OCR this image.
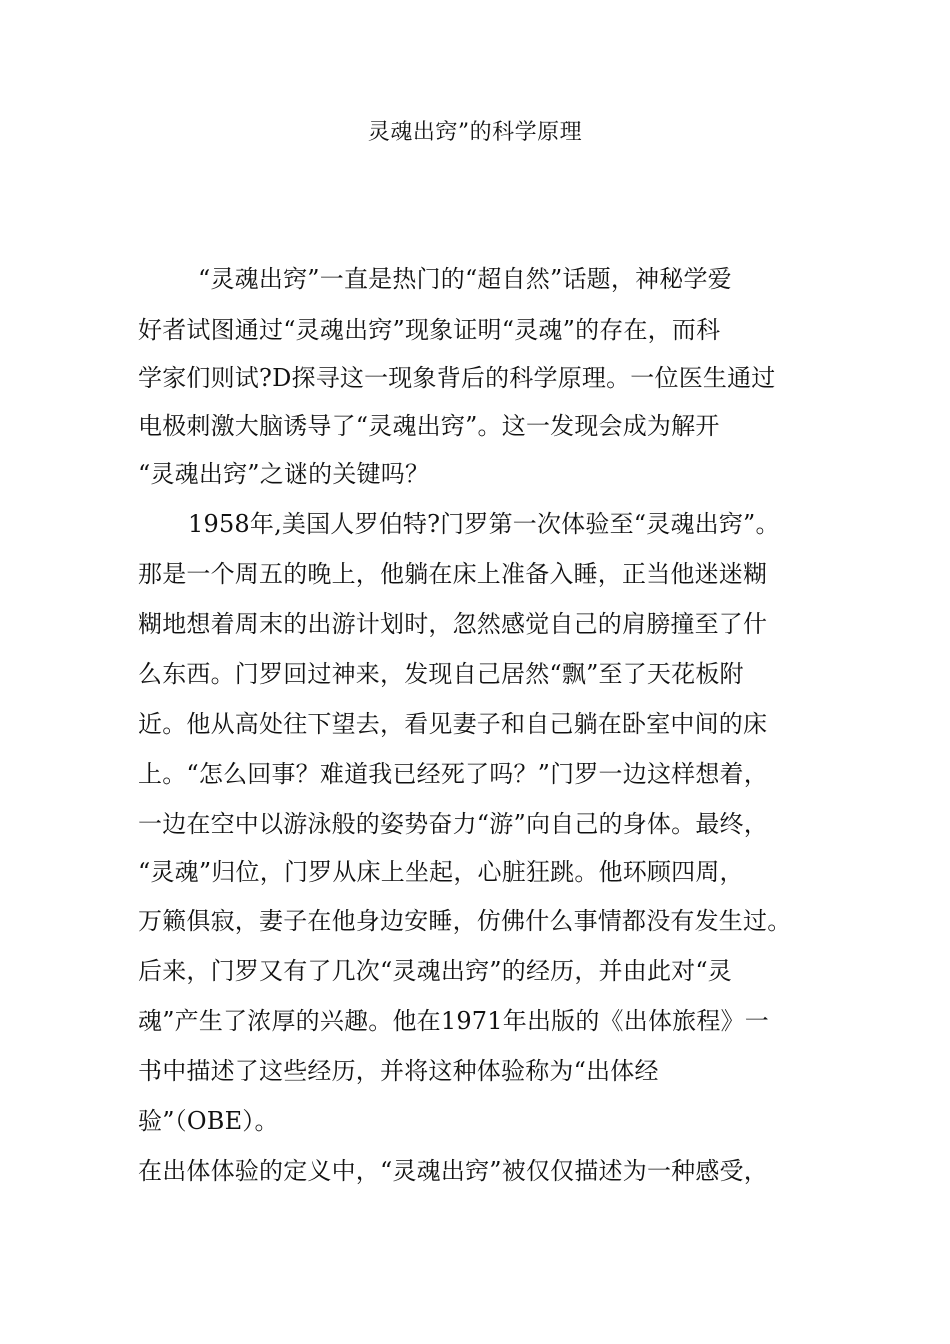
灵魂出窍”的科学原理
“灵魂出窍”一直是热门的“超自然”话题，神秘学爱
好者试图通过“灵魂出窍”现象证明“灵魂”的存在，而科
学家们则试?D探寻这一现象背后的科学原理。一位医生通过
电极刺激大脑诱导了“灵魂出窍”。这一发现会成为解开
“灵魂出窍”之谜的关键吗？
1958年,美国人罗伯特?门罗第一次体验至“灵魂出窍”。
那是一个周五的晚上，他躺在床上准备入睡，正当他迷迷糊
糊地想着周末的出游计划时，忽然感觉自己的肩膀撞至了什
么东西。门罗回过神来，发现自己居然“飘”至了天花板附
近。他从高处往下望去，看见妻子和自己躺在卧室中间的床
上。“怎么回事？难道我已经死了吗？”门罗一边这样想着，
一边在空中以游泳般的姿势奋力“游”向自己的身体。最终，
“灵魂”归位，门罗从床上坐起，心脏狂跳。他环顾四周，
万籁俱寂，妻子在他身边安睡，仿佛什么事情都没有发生过。
后来，门罗又有了几次“灵魂出窍”的经历，并由此对“灵
魂”产生了浓厚的兴趣。他在1971年出版的《出体旅程》一
书中描述了这些经历，并将这种体验称为“出体经
验”（OBE）。
在出体体验的定义中，“灵魂出窍”被仅仅描述为一种感受，
